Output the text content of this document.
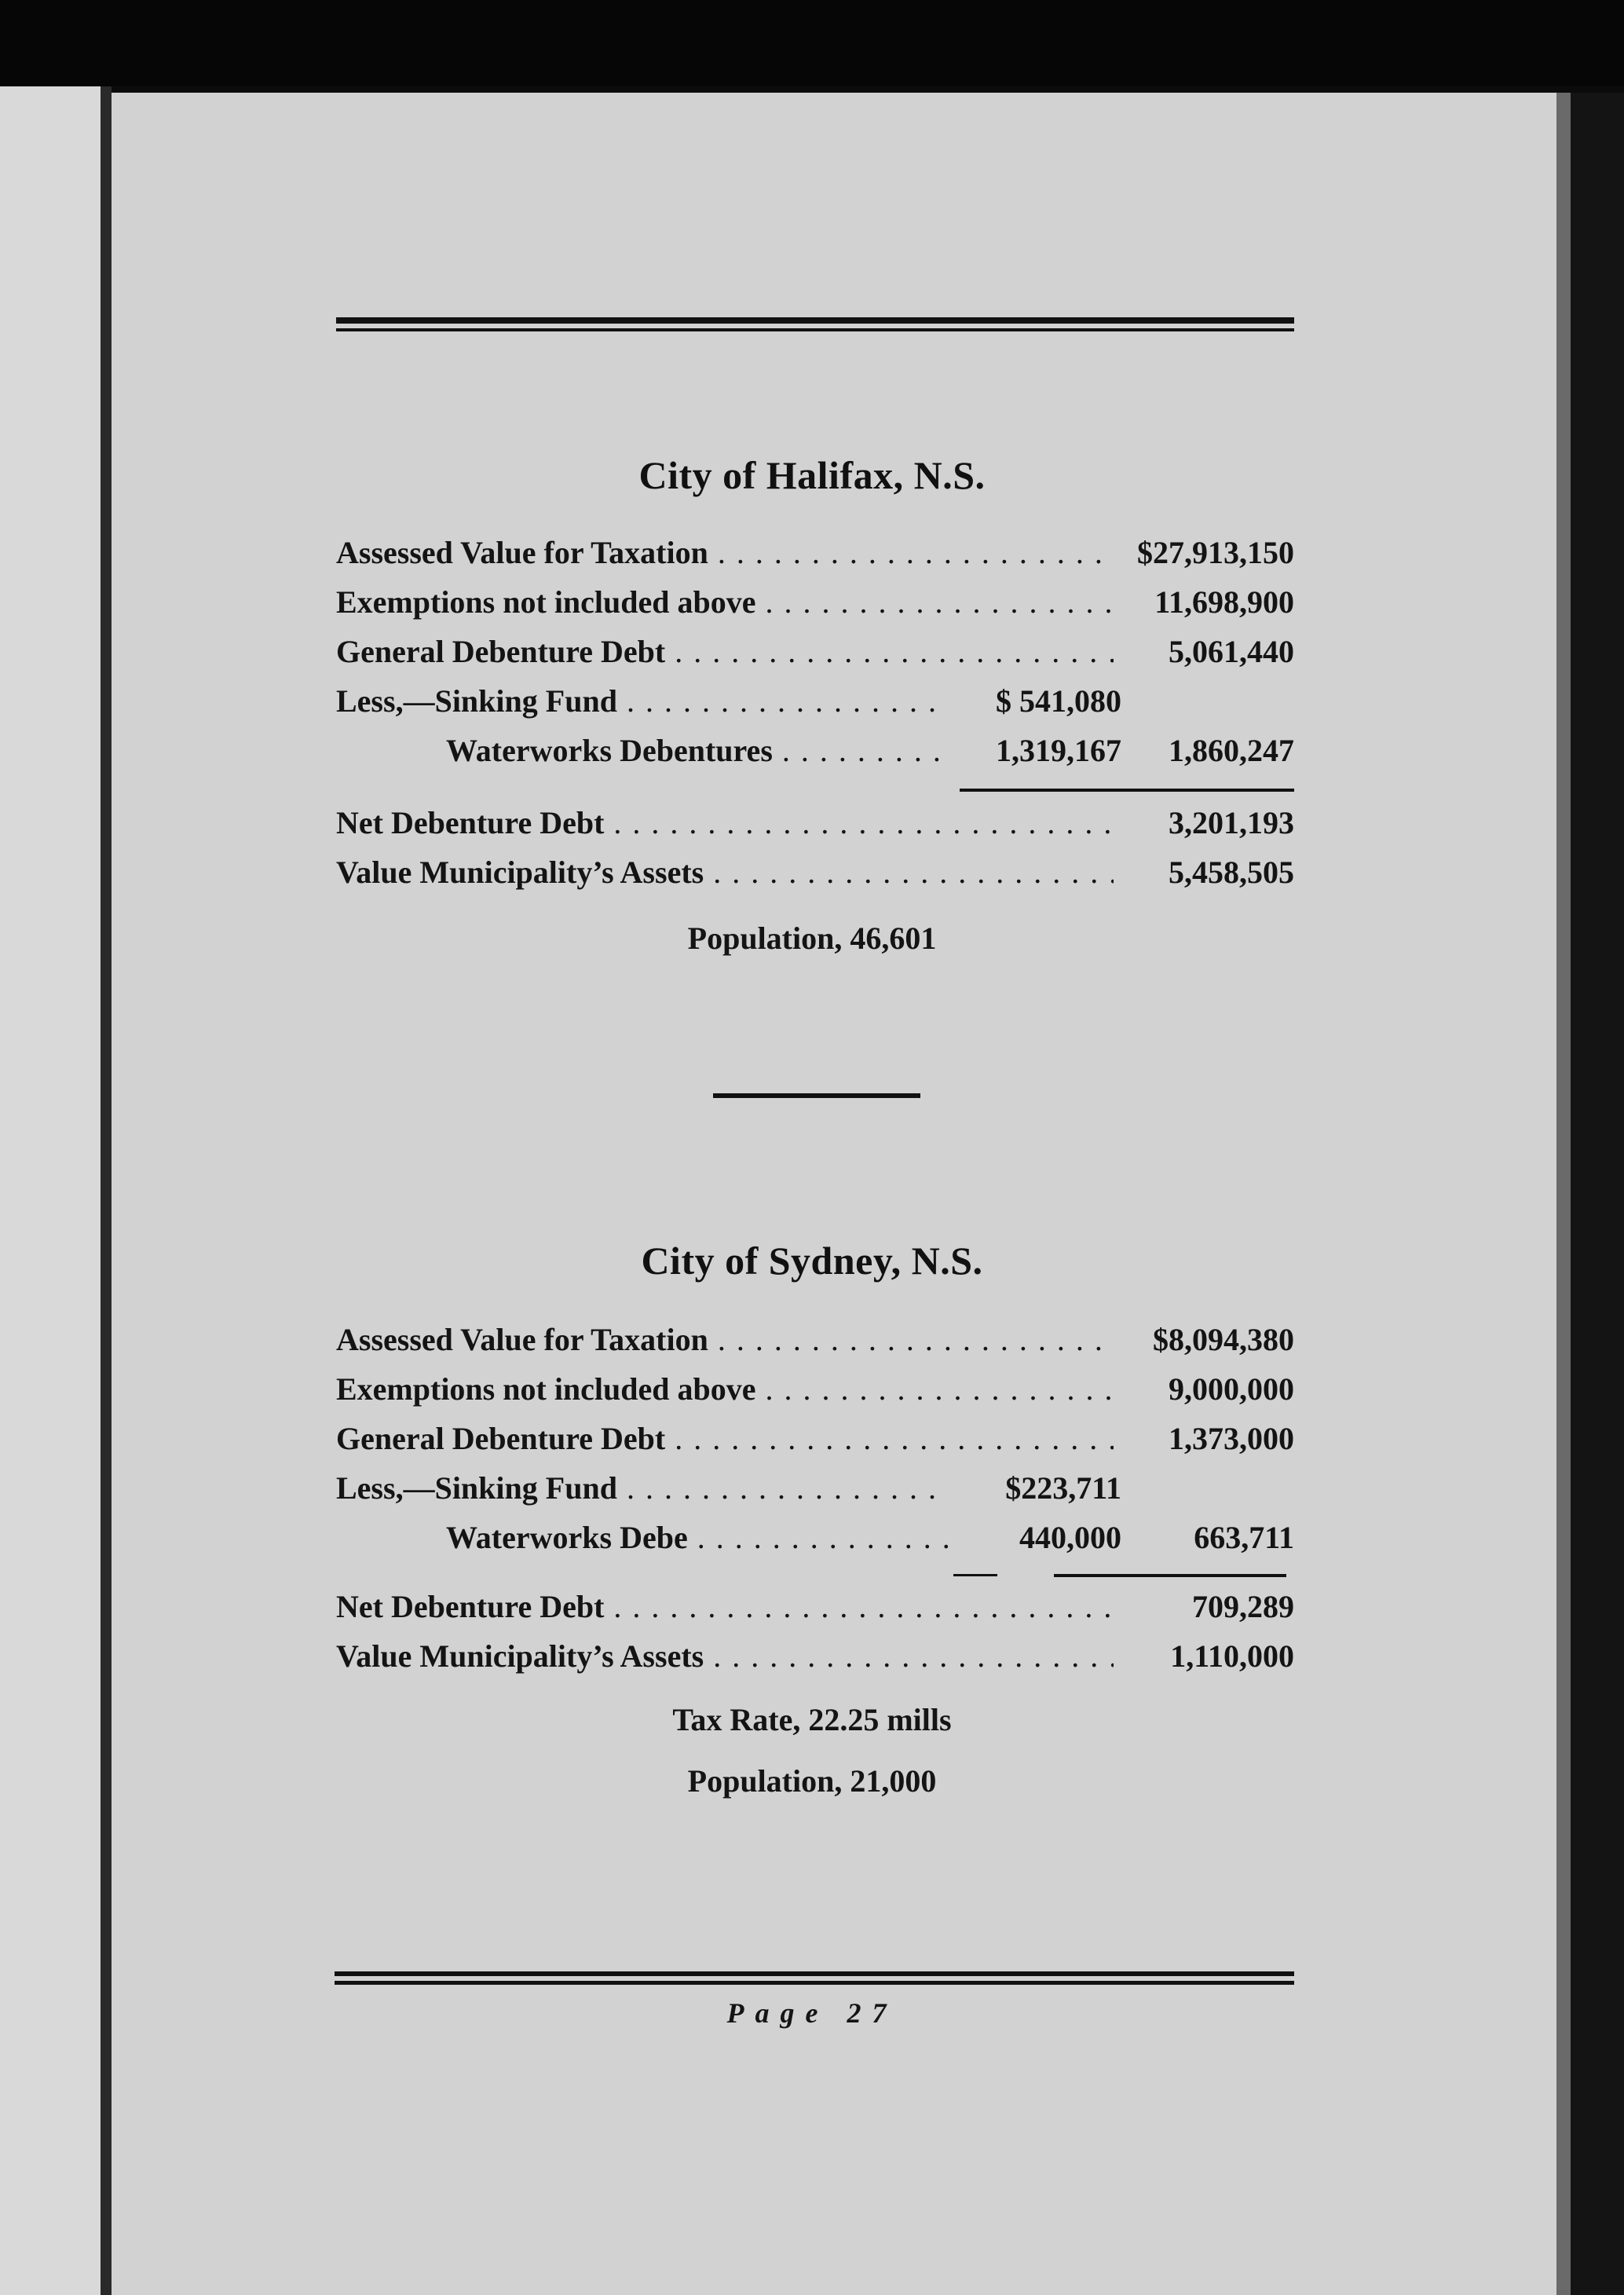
City of Halifax, N.S.
Assessed Value for Taxation . . .	$27,913,150
Exemptions not included above . . .	11,698,900
General Debenture Debt . . .	5,061,440
Less,—Sinking Fund . . .	$ 541,080
Waterworks Debentures . . .	1,319,167	1,860,247
Net Debenture Debt . . .	3,201,193
Value Municipality’s Assets . . .	5,458,505
Population, 46,601
City of Sydney, N.S.
Assessed Value for Taxation . . .	$8,094,380
Exemptions not included above . . .	9,000,000
General Debenture Debt . . .	1,373,000
Less,—Sinking Fund . . .	$223,711
Waterworks Debe . . .	440,000	663,711
Net Debenture Debt . . .	709,289
Value Municipality’s Assets . . .	1,110,000
Tax Rate, 22.25 mills
Population, 21,000
Page 27
